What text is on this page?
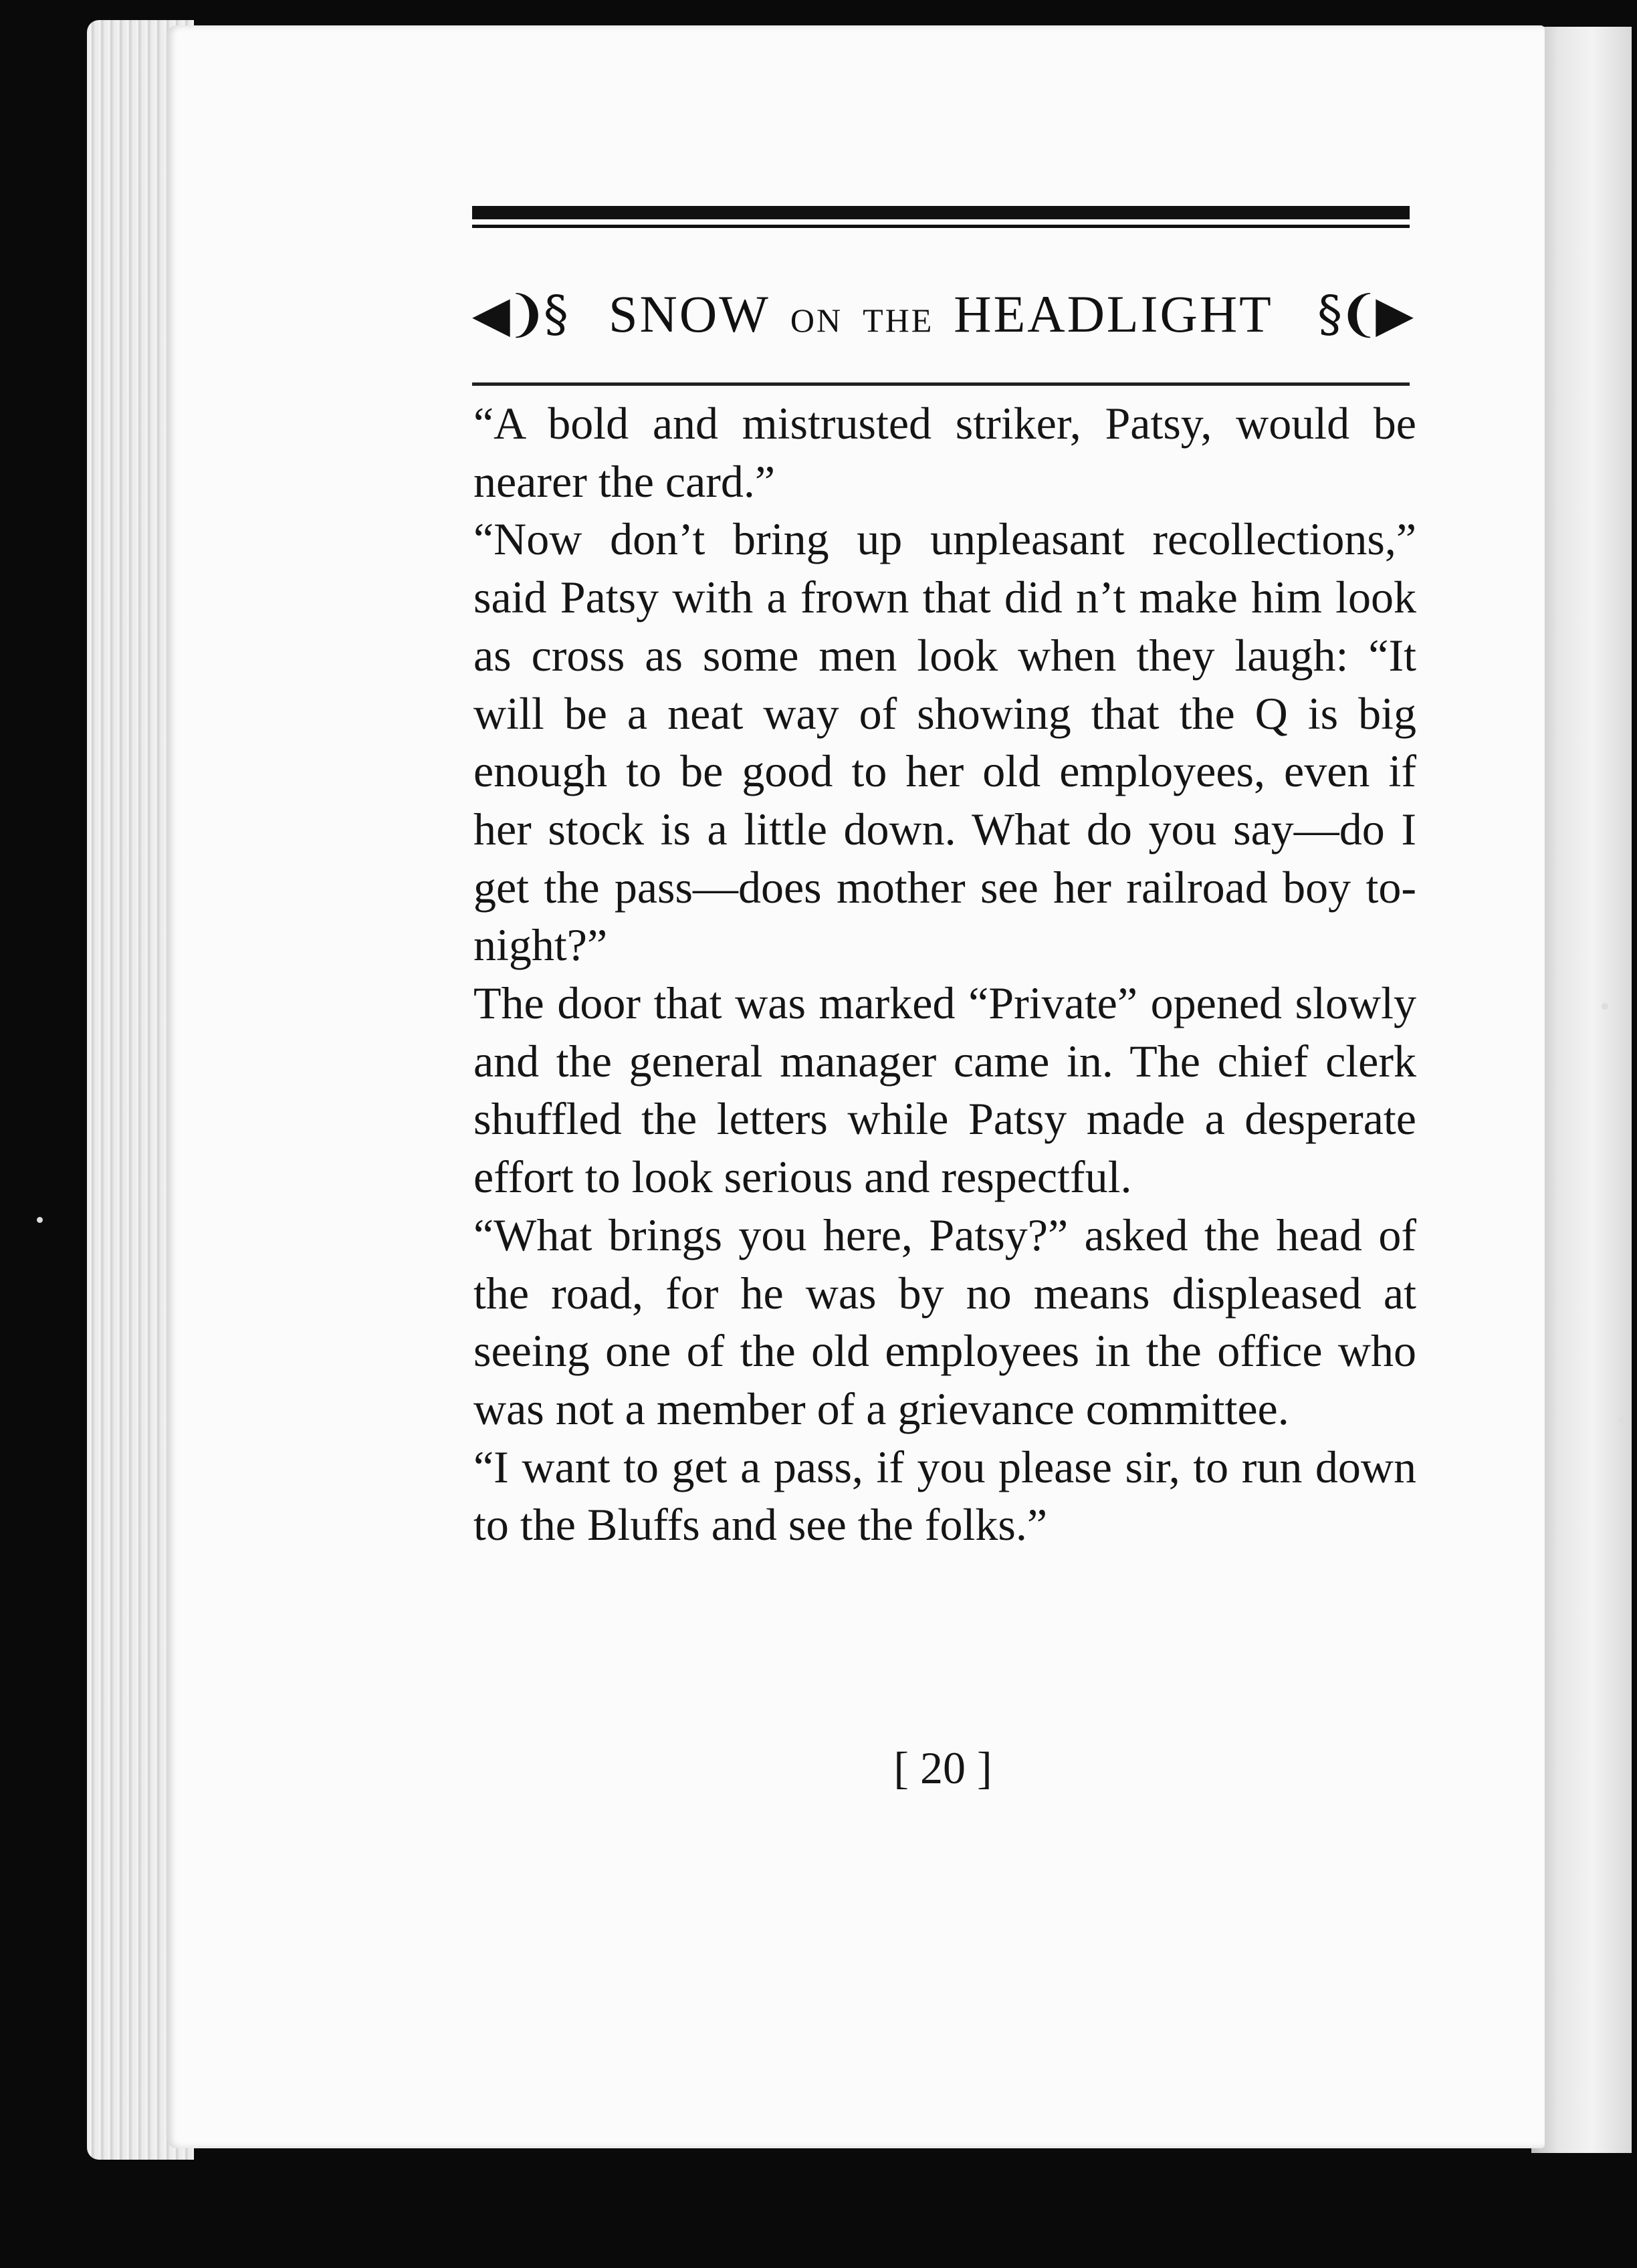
◀❩§ SNOW ON THE HEADLIGHT §❨▶

“A bold and mistrusted striker, Patsy, would be nearer the card.”

“Now don’t bring up unpleasant recollections,” said Patsy with a frown that did n’t make him look as cross as some men look when they laugh: “It will be a neat way of showing that the Q is big enough to be good to her old employees, even if her stock is a little down. What do you say—do I get the pass—does mother see her railroad boy to-night?”

The door that was marked “Private” opened slowly and the general manager came in. The chief clerk shuffled the letters while Patsy made a desperate effort to look serious and respectful.

“What brings you here, Patsy?” asked the head of the road, for he was by no means displeased at seeing one of the old employees in the office who was not a member of a grievance committee.

“I want to get a pass, if you please sir, to run down to the Bluffs and see the folks.”

[ 20 ]
